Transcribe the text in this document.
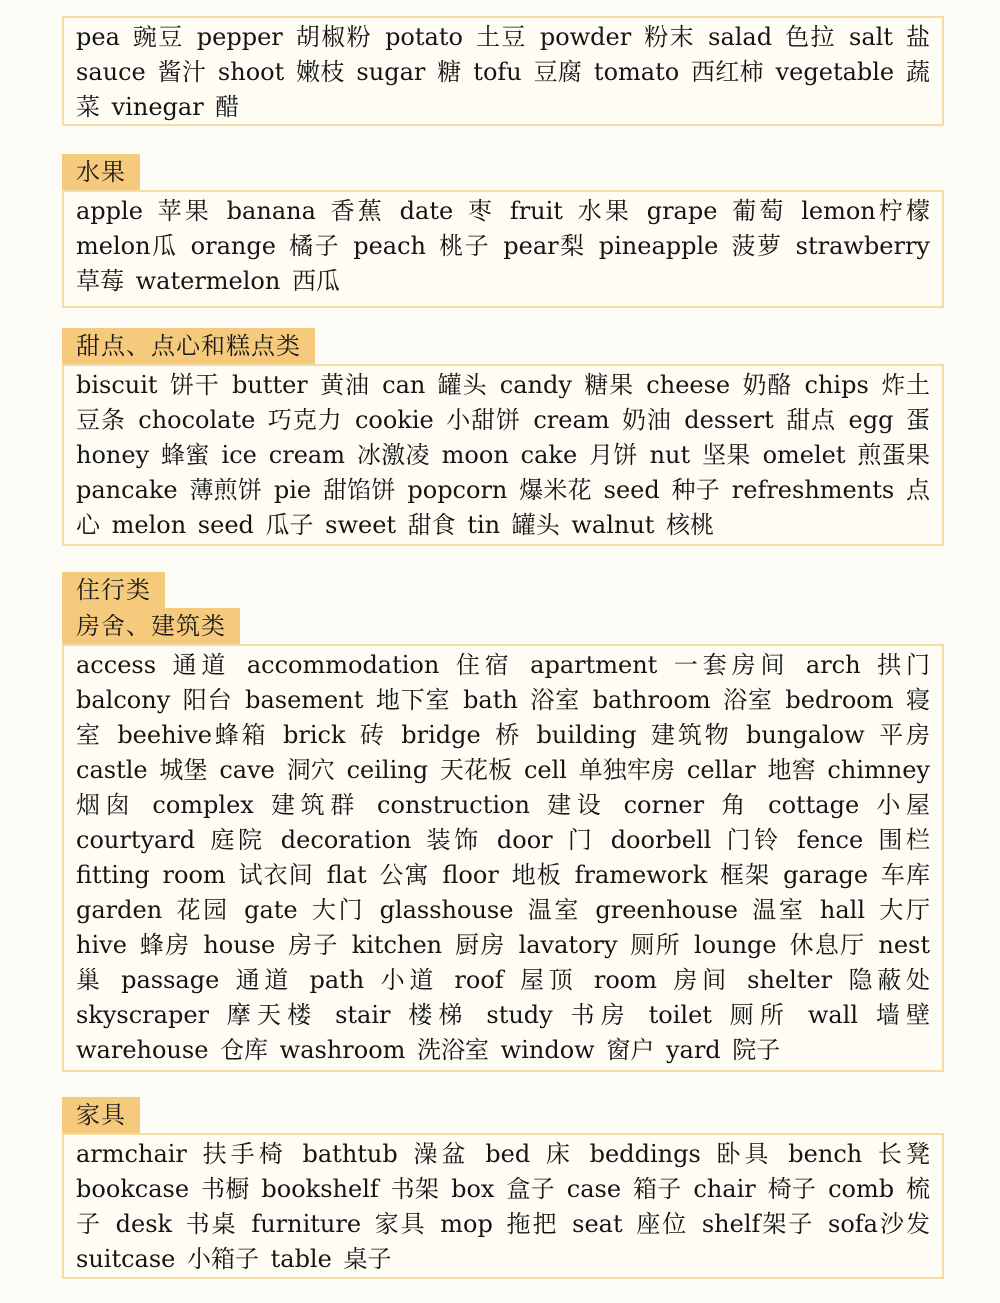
pea 豌豆 pepper 胡椒粉 potato 土豆 powder 粉末 salad 色拉 salt 盐 sauce 酱汁 shoot 嫩枝 sugar 糖 tofu 豆腐 tomato 西红柿 vegetable 蔬菜 vinegar 醋

水果

apple 苹果 banana 香蕉 date 枣 fruit 水果 grape 葡萄 lemon柠檬 melon瓜 orange 橘子 peach 桃子 pear梨 pineapple 菠萝 strawberry 草莓 watermelon 西瓜

甜点、点心和糕点类

biscuit 饼干 butter 黄油 can 罐头 candy 糖果 cheese 奶酪 chips 炸土豆条 chocolate 巧克力 cookie 小甜饼 cream 奶油 dessert 甜点 egg 蛋 honey 蜂蜜 ice cream 冰激凌 moon cake 月饼 nut 坚果 omelet 煎蛋果 pancake 薄煎饼 pie 甜馅饼 popcorn 爆米花 seed 种子 refreshments 点心 melon seed 瓜子 sweet 甜食 tin 罐头 walnut 核桃

住行类
房舍、建筑类

access 通道 accommodation 住宿 apartment 一套房间 arch 拱门 balcony 阳台 basement 地下室 bath 浴室 bathroom 浴室 bedroom 寝室 beehive蜂箱 brick 砖 bridge 桥 building 建筑物 bungalow 平房 castle 城堡 cave 洞穴 ceiling 天花板 cell 单独牢房 cellar 地窖 chimney 烟囱 complex 建筑群 construction 建设 corner 角 cottage 小屋 courtyard 庭院 decoration 装饰 door 门 doorbell 门铃 fence 围栏 fitting room 试衣间 flat 公寓 floor 地板 framework 框架 garage 车库 garden 花园 gate 大门 glasshouse 温室 greenhouse 温室 hall 大厅 hive 蜂房 house 房子 kitchen 厨房 lavatory 厕所 lounge 休息厅 nest 巢 passage 通道 path 小道 roof 屋顶 room 房间 shelter 隐蔽处 skyscraper 摩天楼 stair 楼梯 study 书房 toilet 厕所 wall 墙壁 warehouse 仓库 washroom 洗浴室 window 窗户 yard 院子

家具

armchair 扶手椅 bathtub 澡盆 bed 床 beddings 卧具 bench 长凳 bookcase 书橱 bookshelf 书架 box 盒子 case 箱子 chair 椅子 comb 梳子 desk 书桌 furniture 家具 mop 拖把 seat 座位 shelf架子 sofa沙发 suitcase 小箱子 table 桌子
